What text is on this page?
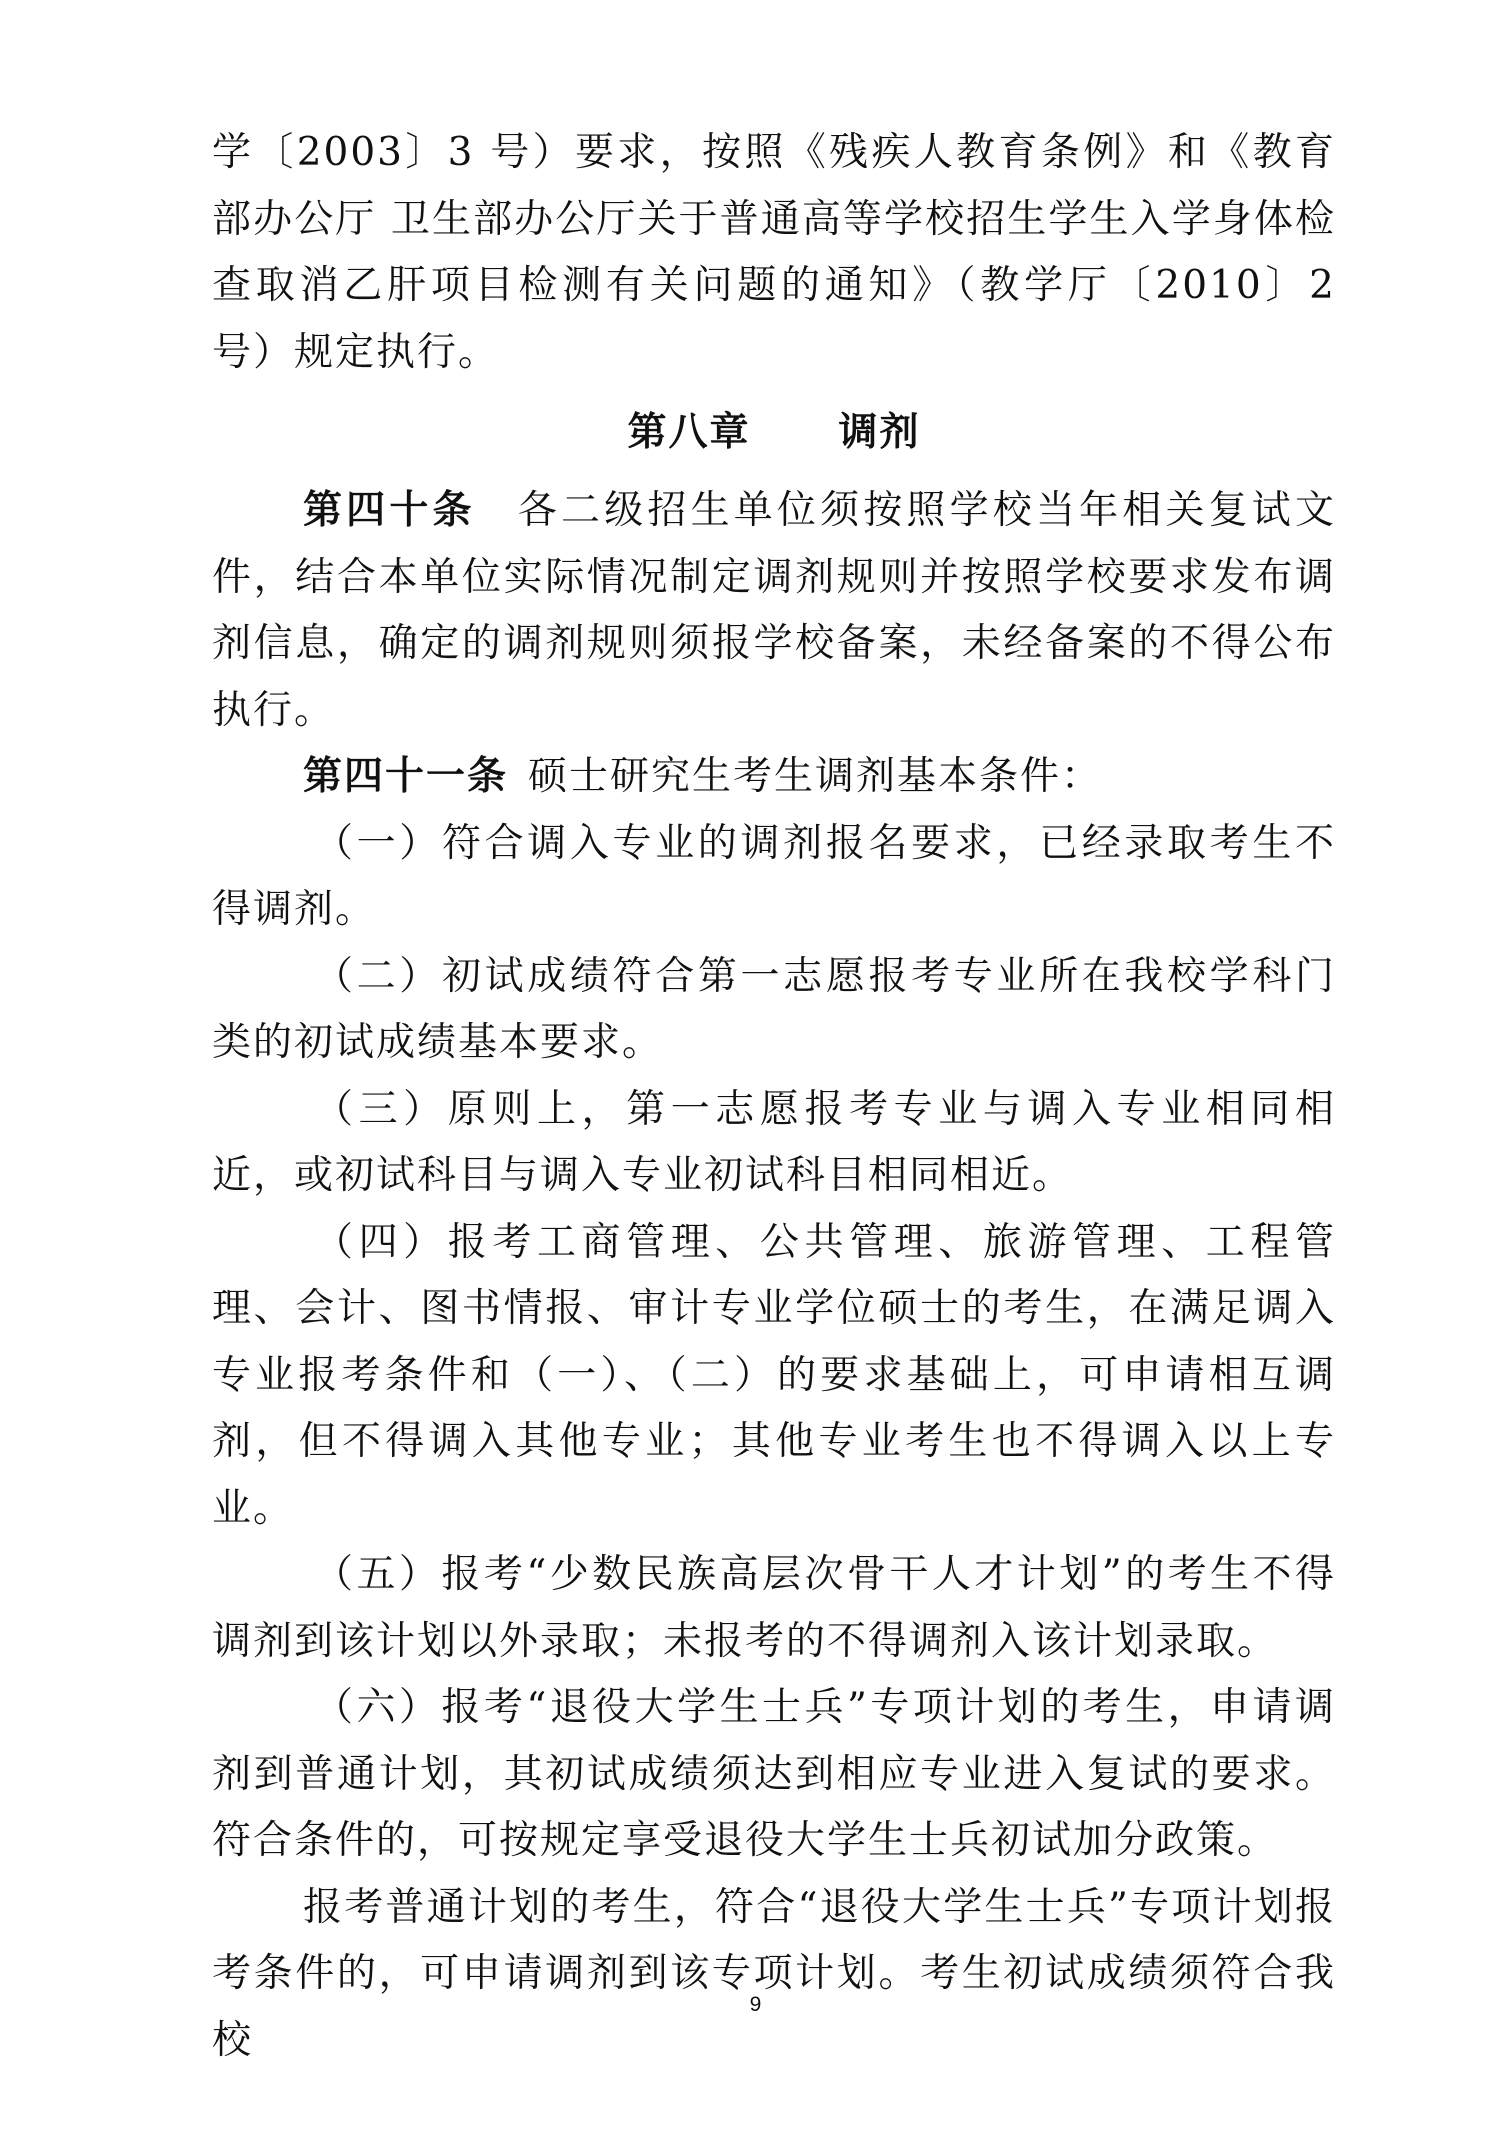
学〔2003〕3 号）要求，按照《残疾人教育条例》和《教育部办公厅 卫生部办公厅关于普通高等学校招生学生入学身体检查取消乙肝项目检测有关问题的通知》（教学厅〔2010〕2 号）规定执行。

第八章 调剂

第四十条 各二级招生单位须按照学校当年相关复试文件，结合本单位实际情况制定调剂规则并按照学校要求发布调剂信息，确定的调剂规则须报学校备案，未经备案的不得公布执行。

第四十一条 硕士研究生考生调剂基本条件：

（一）符合调入专业的调剂报名要求，已经录取考生不得调剂。

（二）初试成绩符合第一志愿报考专业所在我校学科门类的初试成绩基本要求。

（三）原则上，第一志愿报考专业与调入专业相同相近，或初试科目与调入专业初试科目相同相近。

（四）报考工商管理、公共管理、旅游管理、工程管理、会计、图书情报、审计专业学位硕士的考生，在满足调入专业报考条件和（一）、（二）的要求基础上，可申请相互调剂，但不得调入其他专业；其他专业考生也不得调入以上专业。

（五）报考“少数民族高层次骨干人才计划”的考生不得调剂到该计划以外录取；未报考的不得调剂入该计划录取。

（六）报考“退役大学生士兵”专项计划的考生，申请调剂到普通计划，其初试成绩须达到相应专业进入复试的要求。符合条件的，可按规定享受退役大学生士兵初试加分政策。

报考普通计划的考生，符合“退役大学生士兵”专项计划报考条件的，可申请调剂到该专项计划。考生初试成绩须符合我校

9
